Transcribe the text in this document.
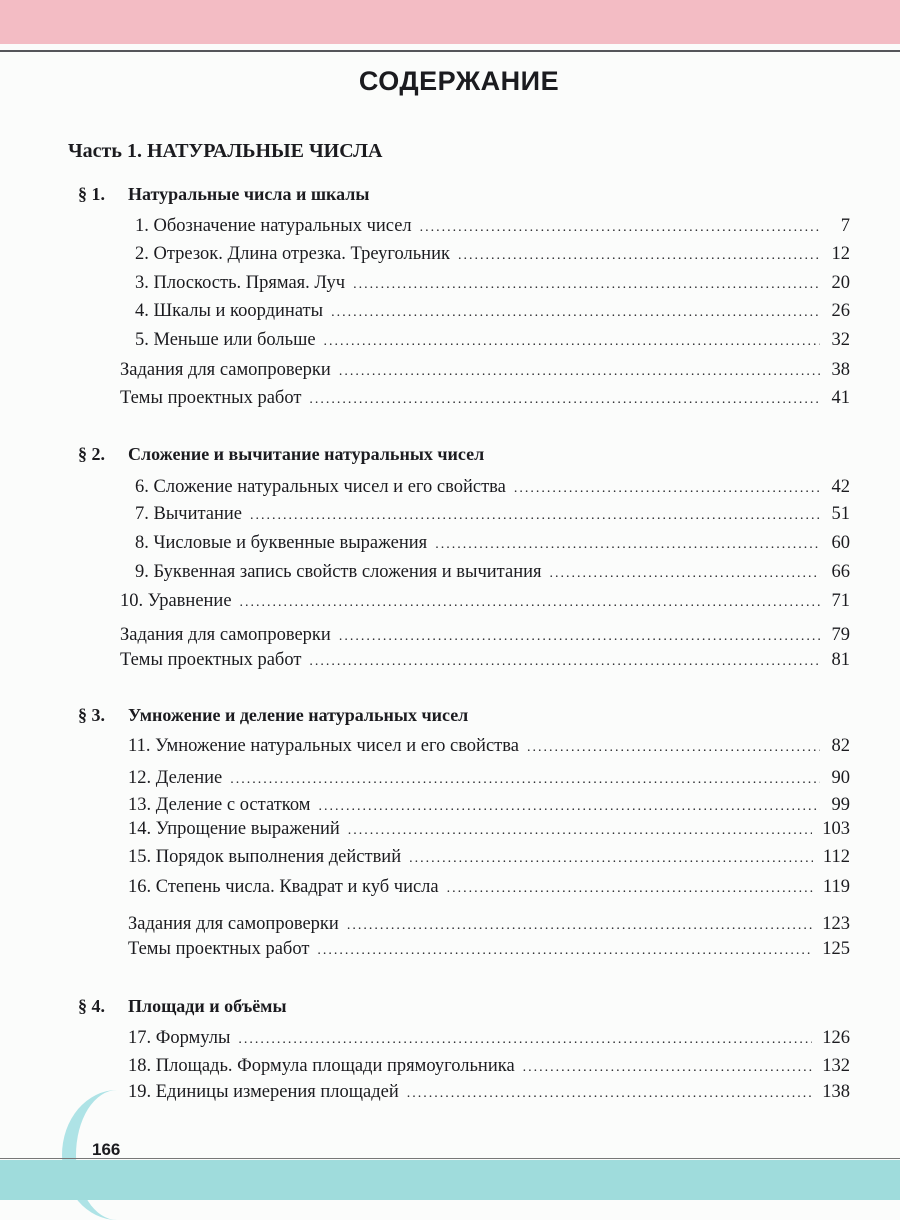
СОДЕРЖАНИЕ
Часть 1. НАТУРАЛЬНЫЕ ЧИСЛА
§ 1. Натуральные числа и шкалы
1. Обозначение натуральных чисел .....	7
2. Отрезок. Длина отрезка. Треугольник .....	12
3. Плоскость. Прямая. Луч .....	20
4. Шкалы и координаты .....	26
5. Меньше или больше .....	32
Задания для самопроверки .....	38
Темы проектных работ .....	41
§ 2. Сложение и вычитание натуральных чисел
6. Сложение натуральных чисел и его свойства .....	42
7. Вычитание .....	51
8. Числовые и буквенные выражения .....	60
9. Буквенная запись свойств сложения и вычитания .....	66
10. Уравнение .....	71
Задания для самопроверки .....	79
Темы проектных работ .....	81
§ 3. Умножение и деление натуральных чисел
11. Умножение натуральных чисел и его свойства .....	82
12. Деление .....	90
13. Деление с остатком .....	99
14. Упрощение выражений .....	103
15. Порядок выполнения действий .....	112
16. Степень числа. Квадрат и куб числа .....	119
Задания для самопроверки .....	123
Темы проектных работ .....	125
§ 4. Площади и объёмы
17. Формулы .....	126
18. Площадь. Формула площади прямоугольника .....	132
19. Единицы измерения площадей .....	138
166
